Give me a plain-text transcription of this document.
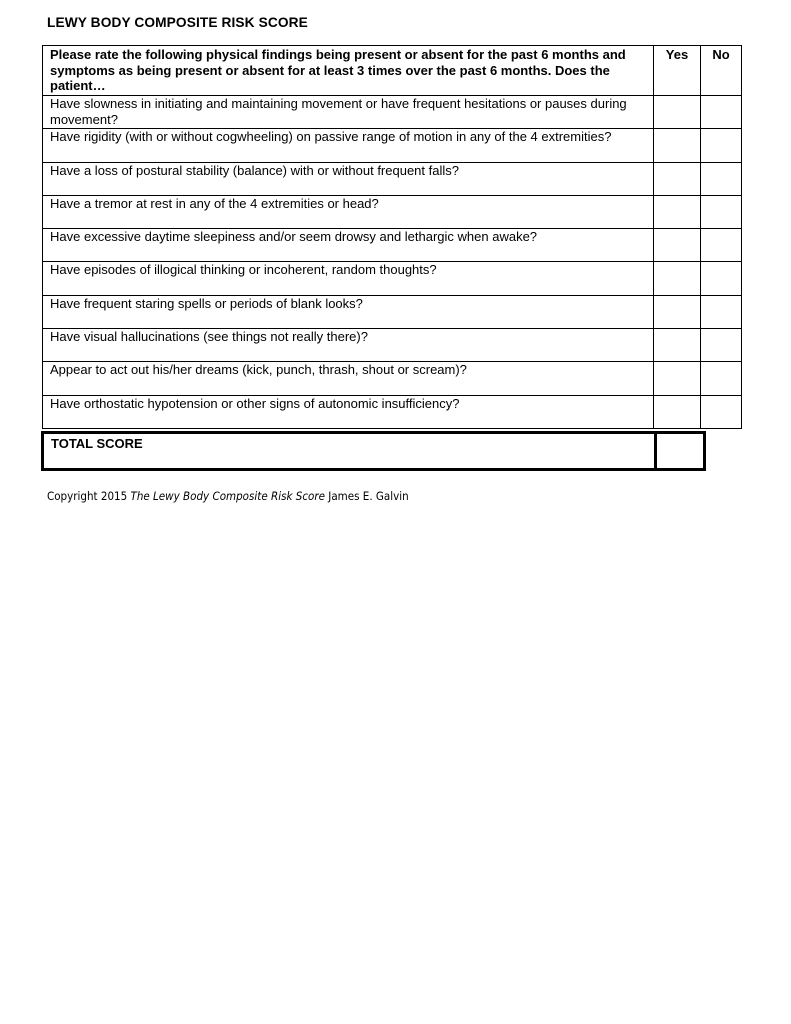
LEWY BODY COMPOSITE RISK SCORE
Please rate the following physical findings being present or absent for the past 6 months and symptoms as being present or absent for at least 3 times over the past 6 months. Does the patient…	Yes	No
Have slowness in initiating and maintaining movement or have frequent hesitations or pauses during movement?		
Have rigidity (with or without cogwheeling) on passive range of motion in any of the 4 extremities?		
Have a loss of postural stability (balance) with or without frequent falls?		
Have a tremor at rest in any of the 4 extremities or head?		
Have excessive daytime sleepiness and/or seem drowsy and lethargic when awake?		
Have episodes of illogical thinking or incoherent, random thoughts?		
Have frequent staring spells or periods of blank looks?		
Have visual hallucinations (see things not really there)?		
Appear to act out his/her dreams (kick, punch, thrash, shout or scream)?		
Have orthostatic hypotension or other signs of autonomic insufficiency?		
TOTAL SCORE	
Copyright 2015 The Lewy Body Composite Risk Score James E. Galvin
